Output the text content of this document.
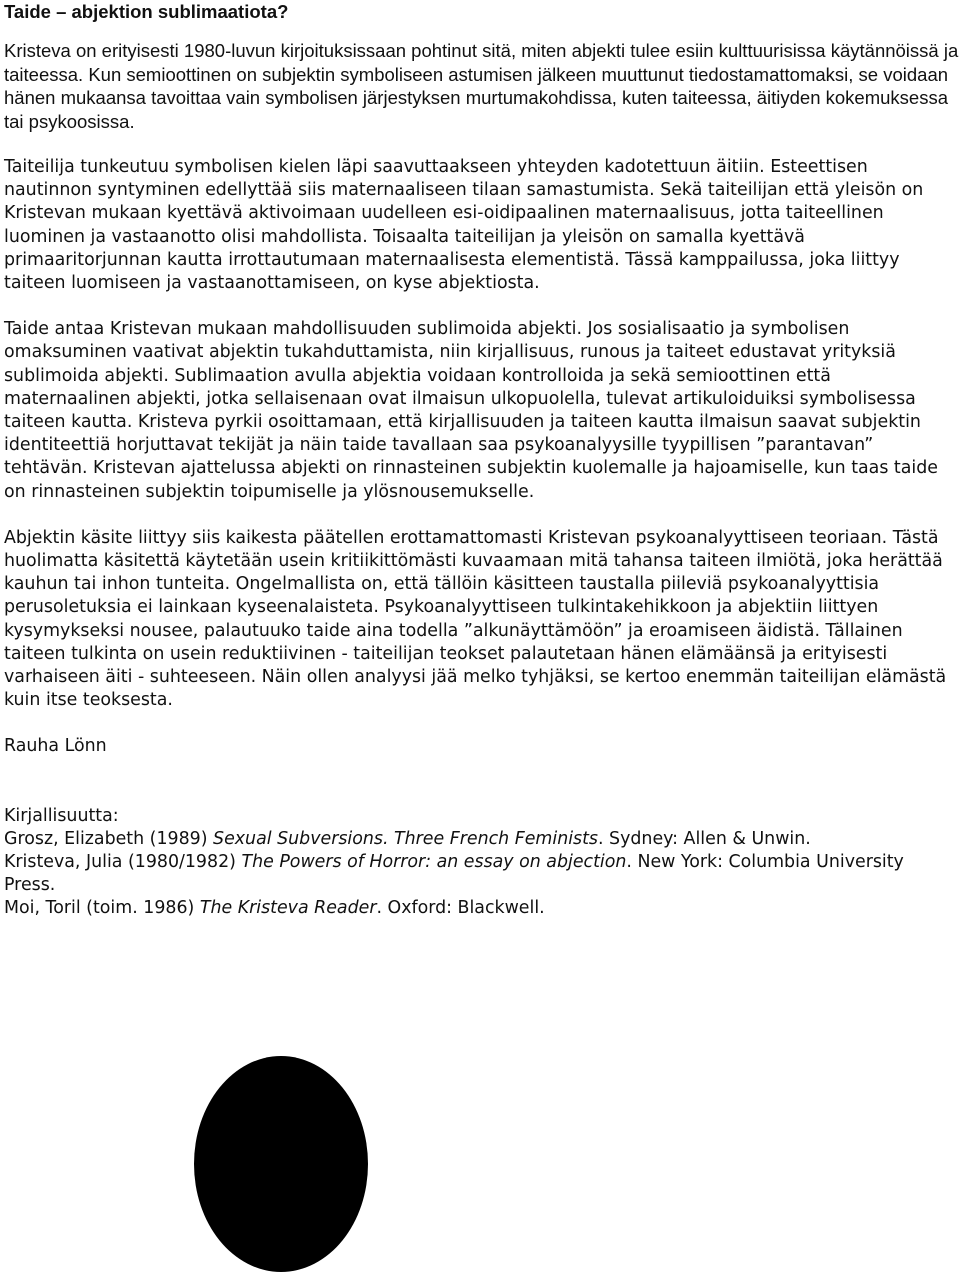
Taide – abjektion sublimaatiota?

Kristeva on erityisesti 1980-luvun kirjoituksissaan pohtinut sitä, miten abjekti tulee esiin kulttuurisissa käytännöissä ja taiteessa. Kun semioottinen on subjektin symboliseen astumisen jälkeen muuttunut tiedostamattomaksi, se voidaan hänen mukaansa tavoittaa vain symbolisen järjestyksen murtumakohdissa, kuten taiteessa, äitiyden kokemuksessa tai psykoosissa.

Taiteilija tunkeutuu symbolisen kielen läpi saavuttaakseen yhteyden kadotettuun äitiin. Esteettisen nautinnon syntyminen edellyttää siis maternaaliseen tilaan samastumista. Sekä taiteilijan että yleisön on Kristevan mukaan kyettävä aktivoimaan uudelleen esi-oidipaalinen maternaalisuus, jotta taiteellinen luominen ja vastaanotto olisi mahdollista. Toisaalta taiteilijan ja yleisön on samalla kyettävä primaaritorjunnan kautta irrottautumaan maternaalisesta elementistä. Tässä kamppailussa, joka liittyy taiteen luomiseen ja vastaanottamiseen, on kyse abjektiosta.

Taide antaa Kristevan mukaan mahdollisuuden sublimoida abjekti. Jos sosialisaatio ja symbolisen omaksuminen vaativat abjektin tukahduttamista, niin kirjallisuus, runous ja taiteet edustavat yrityksiä sublimoida abjekti. Sublimaation avulla abjektia voidaan kontrolloida ja sekä semioottinen että maternaalinen abjekti, jotka sellaisenaan ovat ilmaisun ulkopuolella, tulevat artikuloiduiksi symbolisessa taiteen kautta. Kristeva pyrkii osoittamaan, että kirjallisuuden ja taiteen kautta ilmaisun saavat subjektin identiteettiä horjuttavat tekijät ja näin taide tavallaan saa psykoanalyysille tyypillisen ”parantavan” tehtävän. Kristevan ajattelussa abjekti on rinnasteinen subjektin kuolemalle ja hajoamiselle, kun taas taide on rinnasteinen subjektin toipumiselle ja ylösnousemukselle.

Abjektin käsite liittyy siis kaikesta päätellen erottamattomasti Kristevan psykoanalyyttiseen teoriaan. Tästä huolimatta käsitettä käytetään usein kritiikittömästi kuvaamaan mitä tahansa taiteen ilmiötä, joka herättää kauhun tai inhon tunteita. Ongelmallista on, että tällöin käsitteen taustalla piileviä psykoanalyyttisia perusoletuksia ei lainkaan kyseenalaisteta. Psykoanalyyttiseen tulkintakehikkoon ja abjektiin liittyen kysymykseksi nousee, palautuuko taide aina todella ”alkunäyttämöön” ja eroamiseen äidistä. Tällainen taiteen tulkinta on usein reduktiivinen - taiteilijan teokset palautetaan hänen elämäänsä ja erityisesti varhaiseen äiti - suhteeseen. Näin ollen analyysi jää melko tyhjäksi, se kertoo enemmän taiteilijan elämästä kuin itse teoksesta.

Rauha Lönn

Kirjallisuutta:

Grosz, Elizabeth (1989) Sexual Subversions. Three French Feminists. Sydney: Allen & Unwin.

Kristeva, Julia (1980/1982) The Powers of Horror: an essay on abjection. New York: Columbia University Press.

Moi, Toril (toim. 1986) The Kristeva Reader. Oxford: Blackwell.
